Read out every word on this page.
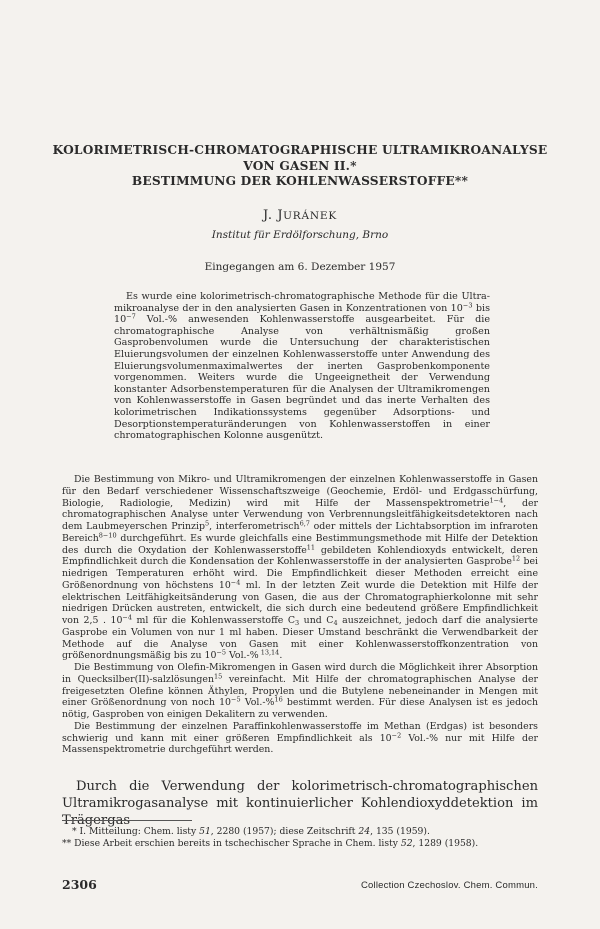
KOLORIMETRISCH-CHROMATOGRAPHISCHE ULTRAMIKROANALYSE
VON GASEN II.*
BESTIMMUNG DER KOHLENWASSERSTOFFE**
J. JURÁNEK
Institut für Erdölforschung, Brno
Eingegangen am 6. Dezember 1957

Es wurde eine kolorimetrisch-chromatographische Methode für die Ultra-mikroanalyse der in den analysierten Gasen in Konzentrationen von $10^{-3}$ bis $10^{-7}$ Vol.-% anwesenden Kohlenwasserstoffe ausgearbeitet. Für die chromatographische Analyse von verhältnismäßig großen Gasprobenvolumen wurde die Untersuchung der charakteristischen Eluierungsvolumen der einzelnen Kohlenwasserstoffe unter Anwendung des Eluierungsvolumenmaximalwertes der inerten Gasprobenkomponente vorgenommen. Weiters wurde die Ungeeignetheit der Verwendung konstanter Adsorbenstemperaturen für die Analysen der Ultramikromengen von Kohlenwasserstoffe in Gasen begründet und das inerte Verhalten des kolorimetrischen Indikationssystems gegenüber Adsorptions- und Desorptionstemperaturänderungen von Kohlenwasserstoffen in einer chromatographischen Kolonne ausgenützt.

Die Bestimmung von Mikro- und Ultramikromengen der einzelnen Kohlenwasserstoffe in Gasen für den Bedarf verschiedener Wissenschaftszweige (Geochemie, Erdöl- und Erdgasschürfung, Biologie, Radiologie, Medizin) wird mit Hilfe der Massenspektrometrie$^{1-4}$, der chromatographischen Analyse unter Verwendung von Verbrennungsleitfähigkeitsdetektoren nach dem Laubmeyerschen Prinzip$^5$, interferometrisch$^{6,7}$ oder mittels der Lichtabsorption im infraroten Bereich$^{8-10}$ durchgeführt. Es wurde gleichfalls eine Bestimmungsmethode mit Hilfe der Detektion des durch die Oxydation der Kohlenwasserstoffe$^{11}$ gebildeten Kohlendioxyds entwickelt, deren Empfindlichkeit durch die Kondensation der Kohlenwasserstoffe in der analysierten Gasprobe$^{12}$ bei niedrigen Temperaturen erhöht wird. Die Empfindlichkeit dieser Methoden erreicht eine Größenordnung von höchstens $10^{-4}$ ml. In der letzten Zeit wurde die Detektion mit Hilfe der elektrischen Leitfähigkeitsänderung von Gasen, die aus der Chromatographierkolonne mit sehr niedrigen Drücken austreten, entwickelt, die sich durch eine bedeutend größere Empfindlichkeit von 2,5 . $10^{-4}$ ml für die Kohlenwasserstoffe $C_3$ und $C_4$ auszeichnet, jedoch darf die analysierte Gasprobe ein Volumen von nur 1 ml haben. Dieser Umstand beschränkt die Verwendbarkeit der Methode auf die Analyse von Gasen mit einer Kohlenwasserstoffkonzentration von größenordnungsmäßig bis zu $10^{-5}$ Vol.-% $^{13,14}$.

Die Bestimmung von Olefin-Mikromengen in Gasen wird durch die Möglichkeit ihrer Absorption in Quecksilber(II)-salzlösungen$^{15}$ vereinfacht. Mit Hilfe der chromatographischen Analyse der freigesetzten Olefine können Äthylen, Propylen und die Butylene nebeneinander in Mengen mit einer Größenordnung von noch $10^{-5}$ Vol.-%$^{16}$ bestimmt werden. Für diese Analysen ist es jedoch nötig, Gasproben von einigen Dekalitern zu verwenden.

Die Bestimmung der einzelnen Paraffinkohlenwasserstoffe im Methan (Erdgas) ist besonders schwierig und kann mit einer größeren Empfindlichkeit als $10^{-2}$ Vol.-% nur mit Hilfe der Massenspektrometrie durchgeführt werden.

Durch die Verwendung der kolorimetrisch-chromatographischen Ultramikrogasanalyse mit kontinuierlicher Kohlendioxyddetektion im Trägergas

* I. Mitteilung: Chem. listy 51, 2280 (1957); diese Zeitschrift 24, 135 (1959).
** Diese Arbeit erschien bereits in tschechischer Sprache in Chem. listy 52, 1289 (1958).
2306	Collection Czechoslov. Chem. Commun.
